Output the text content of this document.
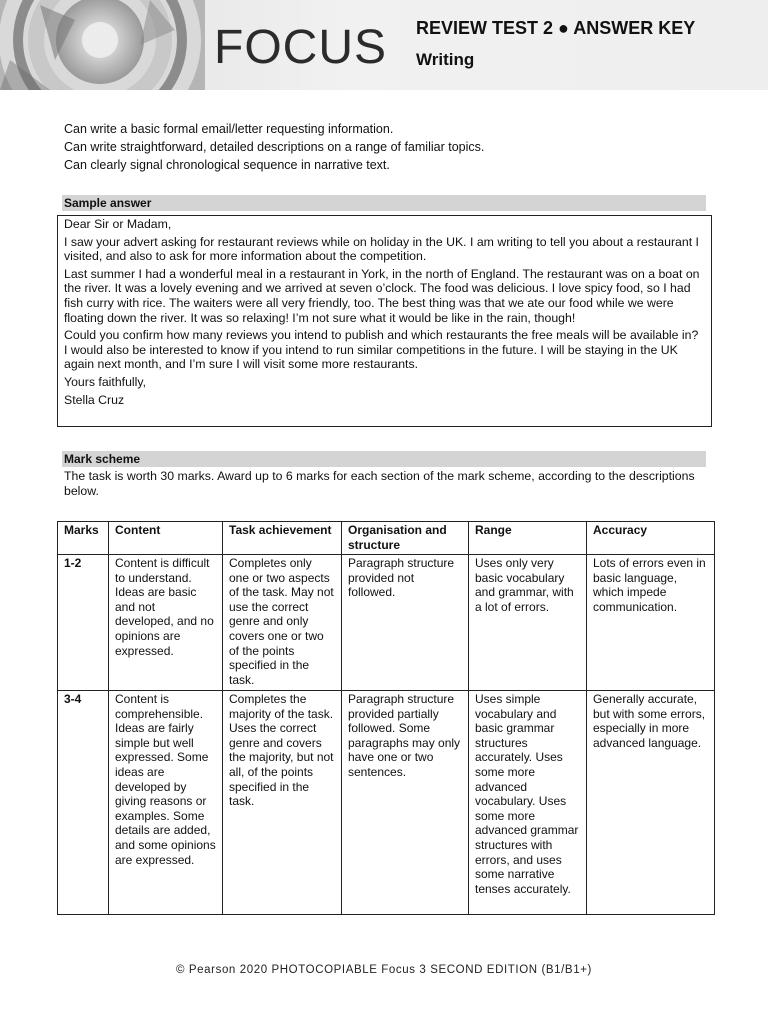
FOCUS REVIEW TEST 2 ● ANSWER KEY
Writing
Can write a basic formal email/letter requesting information.
Can write straightforward, detailed descriptions on a range of familiar topics.
Can clearly signal chronological sequence in narrative text.
Sample answer

Dear Sir or Madam,

I saw your advert asking for restaurant reviews while on holiday in the UK. I am writing to tell you about a restaurant I visited, and also to ask for more information about the competition.

Last summer I had a wonderful meal in a restaurant in York, in the north of England. The restaurant was on a boat on the river. It was a lovely evening and we arrived at seven o’clock. The food was delicious. I love spicy food, so I had fish curry with rice. The waiters were all very friendly, too. The best thing was that we ate our food while we were floating down the river. It was so relaxing! I’m not sure what it would be like in the rain, though!

Could you confirm how many reviews you intend to publish and which restaurants the free meals will be available in? I would also be interested to know if you intend to run similar competitions in the future. I will be staying in the UK again next month, and I’m sure I will visit some more restaurants.

Yours faithfully,

Stella Cruz

Mark scheme
The task is worth 30 marks. Award up to 6 marks for each section of the mark scheme, according to the descriptions below.
Marks	Content	Task achievement	Organisation and structure	Range	Accuracy
1-2	Content is difficult to understand. Ideas are basic and not developed, and no opinions are expressed.	Completes only one or two aspects of the task. May not use the correct genre and only covers one or two of the points specified in the task.	Paragraph structure provided not followed.	Uses only very basic vocabulary and grammar, with a lot of errors.	Lots of errors even in basic language, which impede communication.
3-4	Content is comprehensible. Ideas are fairly simple but well expressed. Some ideas are developed by giving reasons or examples. Some details are added, and some opinions are expressed.	Completes the majority of the task. Uses the correct genre and covers the majority, but not all, of the points specified in the task.	Paragraph structure provided partially followed. Some paragraphs may only have one or two sentences.	Uses simple vocabulary and basic grammar structures accurately. Uses some more advanced vocabulary. Uses some more advanced grammar structures with errors, and uses some narrative tenses accurately.	Generally accurate, but with some errors, especially in more advanced language.
© Pearson 2020 PHOTOCOPIABLE Focus 3 SECOND EDITION (B1/B1+)
